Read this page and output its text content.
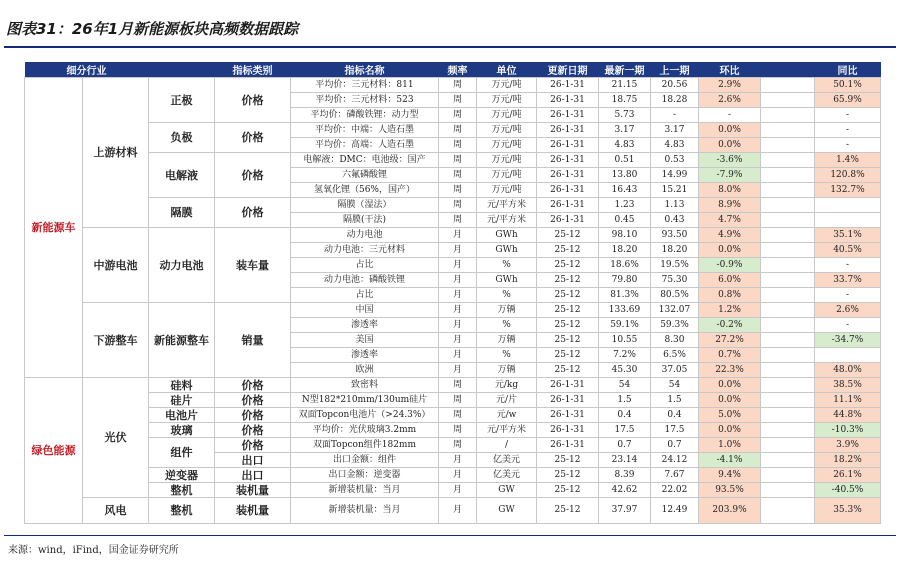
图表31：26年1月新能源板块高频数据跟踪
细分行业			指标类别	指标名称	频率	单位	更新日期	最新一期	上一期	环比		同比
新能源车	上游材料	正极	价格	平均价：三元材料：811	周	万元/吨	26-1-31	21.15	20.56	2.9%		50.1%
				平均价：三元材料：523	周	万元/吨	26-1-31	18.75	18.28	2.6%		65.9%
				平均价：磷酸铁锂：动力型	周	万元/吨	26-1-31	5.73	-	-		-
		负极	价格	平均价：中端：人造石墨	周	万元/吨	26-1-31	3.17	3.17	0.0%		-
				平均价：高端：人造石墨	周	万元/吨	26-1-31	4.83	4.83	0.0%		-
		电解液	价格	电解液：DMC：电池级：国产	周	万元/吨	26-1-31	0.51	0.53	-3.6%		1.4%
				六氟磷酸锂	周	万元/吨	26-1-31	13.80	14.99	-7.9%		120.8%
				氢氧化锂（56%，国产）	周	万元/吨	26-1-31	16.43	15.21	8.0%		132.7%
		隔膜	价格	隔膜（湿法）	周	元/平方米	26-1-31	1.23	1.13	8.9%		
				隔膜(干法)	周	元/平方米	26-1-31	0.45	0.43	4.7%		
	中游电池	动力电池	装车量	动力电池	月	GWh	25-12	98.10	93.50	4.9%		35.1%
				动力电池：三元材料	月	GWh	25-12	18.20	18.20	0.0%		40.5%
				占比	月	%	25-12	18.6%	19.5%	-0.9%		-
				动力电池：磷酸铁锂	月	GWh	25-12	79.80	75.30	6.0%		33.7%
				占比	月	%	25-12	81.3%	80.5%	0.8%		-
	下游整车	新能源整车	销量	中国	月	万辆	25-12	133.69	132.07	1.2%		2.6%
				渗透率	月	%	25-12	59.1%	59.3%	-0.2%		-
				美国	月	万辆	25-12	10.55	8.30	27.2%		-34.7%
				渗透率	月	%	25-12	7.2%	6.5%	0.7%		
				欧洲	月	万辆	25-12	45.30	37.05	22.3%		48.0%
绿色能源	光伏	硅料	价格	致密料	周	元/kg	26-1-31	54	54	0.0%		38.5%
		硅片	价格	N型182*210mm/130um硅片	周	元/片	26-1-31	1.5	1.5	0.0%		11.1%
		电池片	价格	双面Topcon电池片（>24.3%）	周	元/w	26-1-31	0.4	0.4	5.0%		44.8%
		玻璃	价格	平均价：光伏玻璃3.2mm	周	元/平方米	26-1-31	17.5	17.5	0.0%		-10.3%
		组件	价格	双面Topcon组件182mm	周	/	26-1-31	0.7	0.7	1.0%		3.9%
			出口	出口金额：组件	月	亿美元	25-12	23.14	24.12	-4.1%		18.2%
		逆变器	出口	出口金额：逆变器	月	亿美元	25-12	8.39	7.67	9.4%		26.1%
		整机	装机量	新增装机量：当月	月	GW	25-12	42.62	22.02	93.5%		-40.5%
	风电	整机	装机量	新增装机量：当月	月	GW	25-12	37.97	12.49	203.9%		35.3%
来源：wind，iFind，国金证券研究所
